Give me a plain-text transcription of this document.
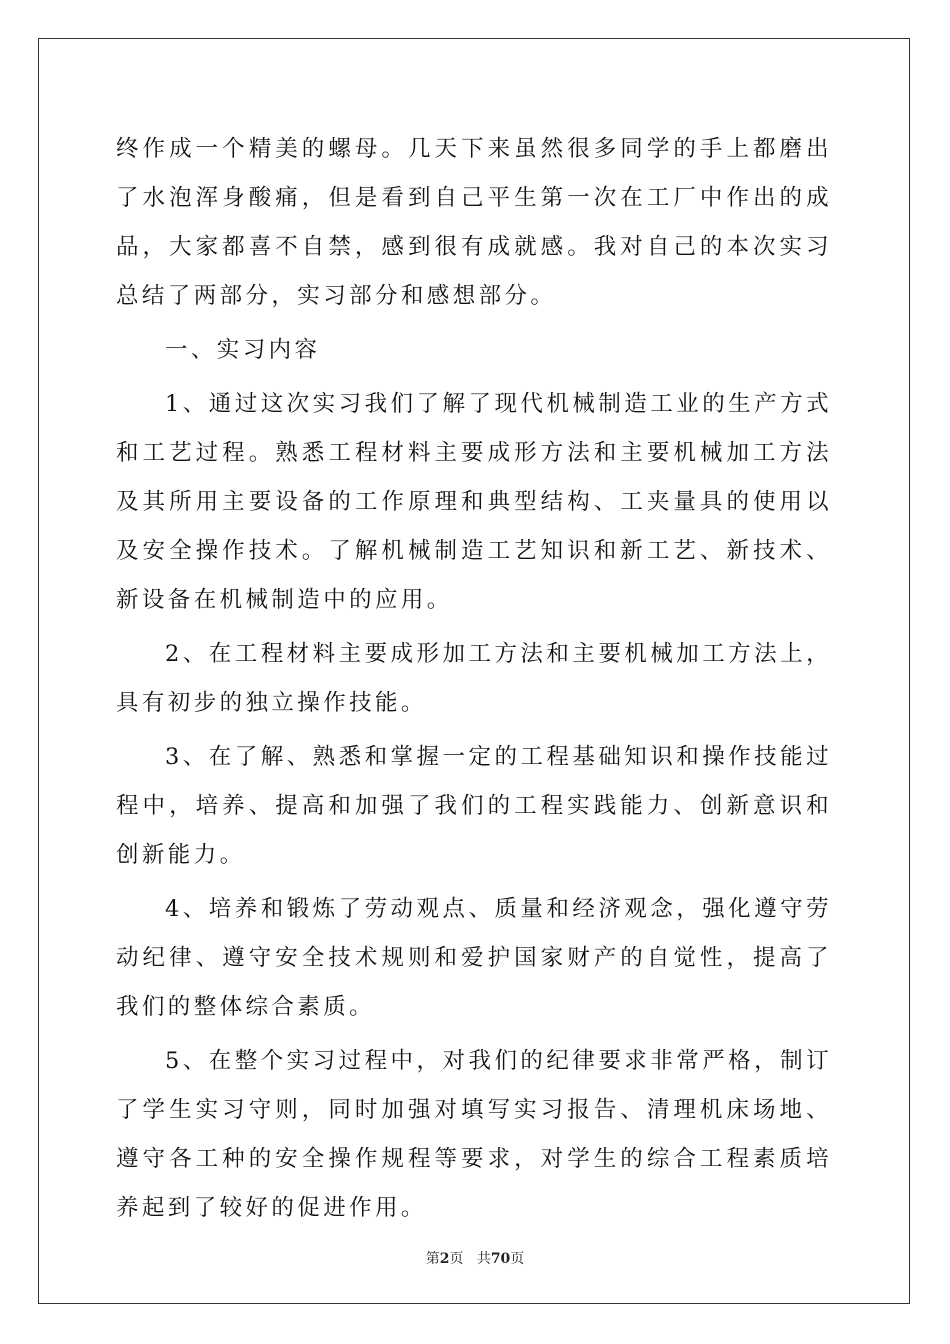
终作成一个精美的螺母。几天下来虽然很多同学的手上都磨出了水泡浑身酸痛，但是看到自己平生第一次在工厂中作出的成品，大家都喜不自禁，感到很有成就感。我对自己的本次实习总结了两部分，实习部分和感想部分。

一、实习内容

1、通过这次实习我们了解了现代机械制造工业的生产方式和工艺过程。熟悉工程材料主要成形方法和主要机械加工方法及其所用主要设备的工作原理和典型结构、工夹量具的使用以及安全操作技术。了解机械制造工艺知识和新工艺、新技术、新设备在机械制造中的应用。

2、在工程材料主要成形加工方法和主要机械加工方法上，具有初步的独立操作技能。

3、在了解、熟悉和掌握一定的工程基础知识和操作技能过程中，培养、提高和加强了我们的工程实践能力、创新意识和创新能力。

4、培养和锻炼了劳动观点、质量和经济观念，强化遵守劳动纪律、遵守安全技术规则和爱护国家财产的自觉性，提高了我们的整体综合素质。

5、在整个实习过程中，对我们的纪律要求非常严格，制订了学生实习守则，同时加强对填写实习报告、清理机床场地、遵守各工种的安全操作规程等要求，对学生的综合工程素质培养起到了较好的促进作用。

第2页 共70页
